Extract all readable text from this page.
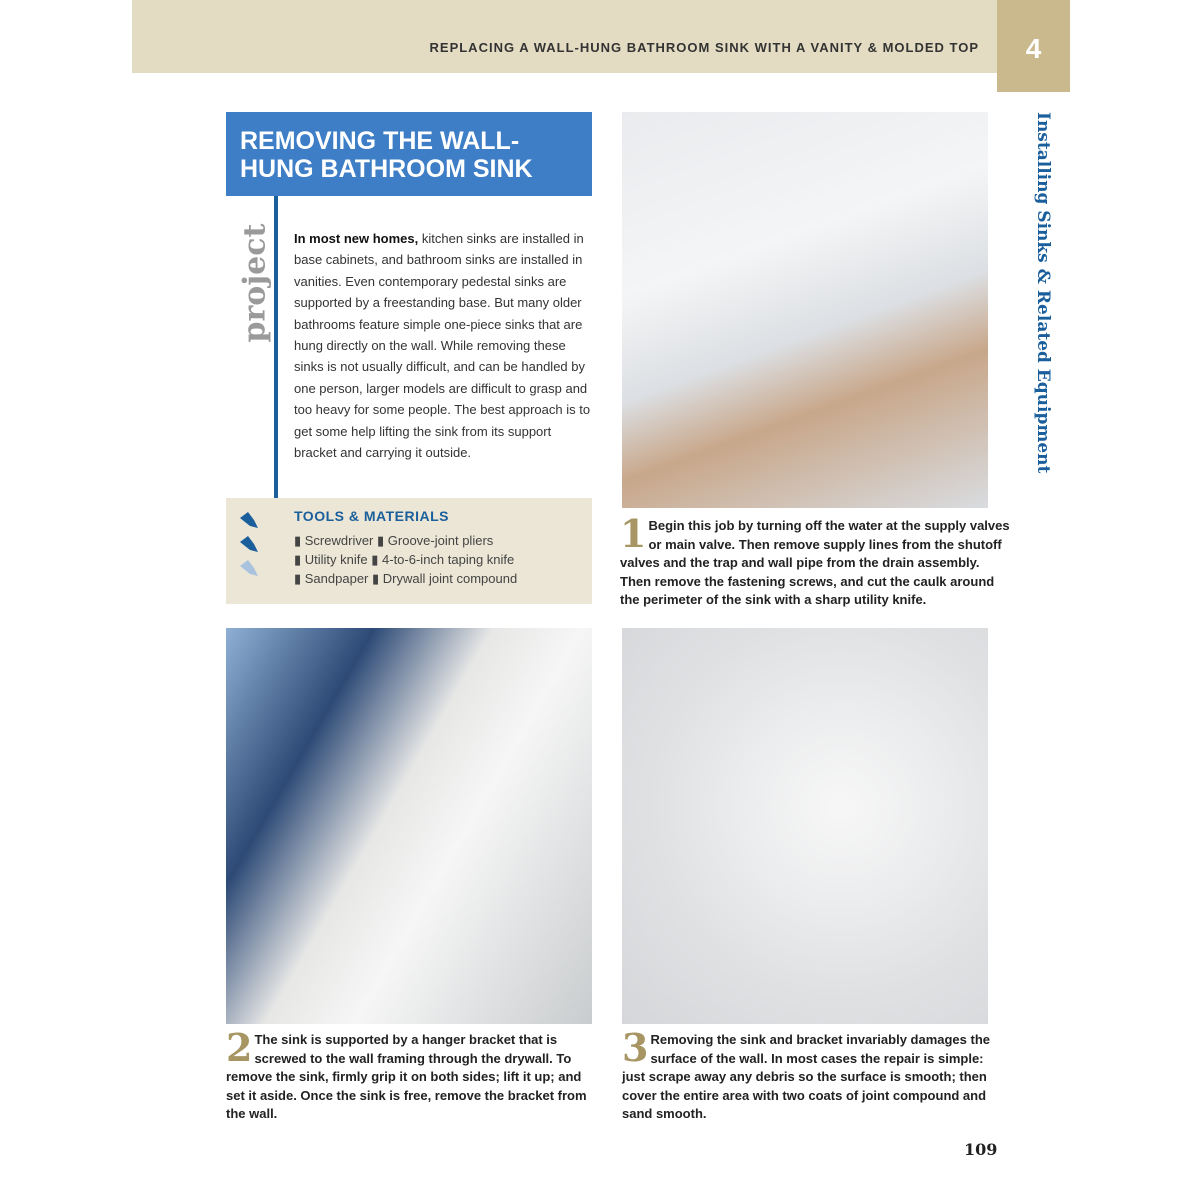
REPLACING A WALL-HUNG BATHROOM SINK WITH A VANITY & MOLDED TOP	4
Installing Sinks & Related Equipment
REMOVING THE WALL-HUNG BATHROOM SINK
project In most new homes, kitchen sinks are installed in base cabinets, and bathroom sinks are installed in vanities. Even contemporary pedestal sinks are supported by a freestanding base. But many older bathrooms feature simple one-piece sinks that are hung directly on the wall. While removing these sinks is not usually difficult, and can be handled by one person, larger models are difficult to grasp and too heavy for some people. The best approach is to get some help lifting the sink from its support bracket and carrying it outside.
TOOLS & MATERIALS
▮ Screwdriver ▮ Groove-joint pliers
▮ Utility knife ▮ 4-to-6-inch taping knife
▮ Sandpaper ▮ Drywall joint compound
1 Begin this job by turning off the water at the supply valves or main valve. Then remove supply lines from the shutoff valves and the trap and wall pipe from the drain assembly. Then remove the fastening screws, and cut the caulk around the perimeter of the sink with a sharp utility knife.
2 The sink is supported by a hanger bracket that is screwed to the wall framing through the drywall. To remove the sink, firmly grip it on both sides; lift it up; and set it aside. Once the sink is free, remove the bracket from the wall.
3 Removing the sink and bracket invariably damages the surface of the wall. In most cases the repair is simple: just scrape away any debris so the surface is smooth; then cover the entire area with two coats of joint compound and sand smooth.
109
